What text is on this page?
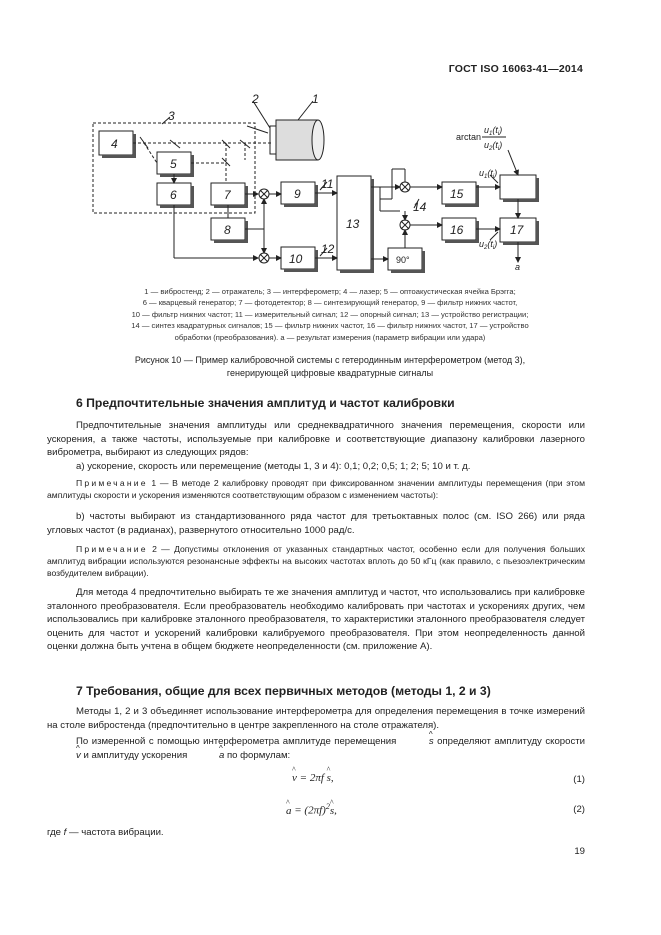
ГОСТ ISO 16063-41—2014
1
2
3
4
5
6	7
8
9
10
11
12
13
14
15
16	17
90°
arctan
$u_1(t_i)$
$u_2(t_i)$
$u_1(t_i)$
$u_2(t_i)$
a
1 — вибростенд; 2 — отражатель; 3 — интерферометр; 4 — лазер; 5 — оптоакустическая ячейка Брэгга;
6 — кварцевый генератор; 7 — фотодетектор; 8 — синтезирующий генератор, 9 — фильтр нижних частот,
10 — фильтр нижних частот; 11 — измерительный сигнал; 12 — опорный сигнал; 13 — устройство регистрации;
14 — синтез квадратурных сигналов; 15 — фильтр нижних частот, 16 — фильтр нижних частот, 17 — устройство
обработки (преобразования). a — результат измерения (параметр вибрации или удара)
Рисунок 10 — Пример калибровочной системы с гетеродинным интерферометром (метод 3),
генерирующей цифровые квадратурные сигналы
6 Предпочтительные значения амплитуд и частот калибровки
Предпочтительные значения амплитуды или среднеквадратичного значения перемещения, скорости или ускорения, а также частоты, используемые при калибровке и соответствующие диапазону калибровки лазерного виброметра, выбирают из следующих рядов:
a) ускорение, скорость или перемещение (методы 1, 3 и 4): 0,1; 0,2; 0,5; 1; 2; 5; 10 и т. д.
Примечание 1 — В методе 2 калибровку проводят при фиксированном значении амплитуды перемещения (при этом амплитуды скорости и ускорения изменяются соответствующим образом с изменением частоты):
b) частоты выбирают из стандартизованного ряда частот для третьоктавных полос (см. ISO 266) или ряда угловых частот (в радианах), развернутого относительно 1000 рад/с.
Примечание 2 — Допустимы отклонения от указанных стандартных частот, особенно если для получения больших амплитуд вибрации используются резонансные эффекты на высоких частотах вплоть до 50 кГц (как правило, с пьезоэлектрическим возбудителем вибрации).
Для метода 4 предпочтительно выбирать те же значения амплитуд и частот, что использовались при калибровке эталонного преобразователя. Если преобразователь необходимо калибровать при частотах и ускорениях других, чем использовались при калибровке эталонного преобразователя, то характеристики эталонного преобразователя следует оценить для частот и ускорений калибровки калибруемого преобразователя. При этом неопределенность данной оценки должна быть учтена в общем бюджете неопределенности (см. приложение А).
7 Требования, общие для всех первичных методов (методы 1, 2 и 3)
Методы 1, 2 и 3 объединяет использование интерферометра для определения перемещения в точке измерений на столе вибростенда (предпочтительно в центре закрепленного на столе отражателя).
По измеренной с помощью интерферометра амплитуде перемещения	^ s определяют амплитуду скорости ^ v и амплитуду ускорения	^ a по формулам:
^ v = 2πf ^ s,	(1)
^ $a = (2\pi f)^2\^{}$ s,	(2)
где f — частота вибрации.
19
